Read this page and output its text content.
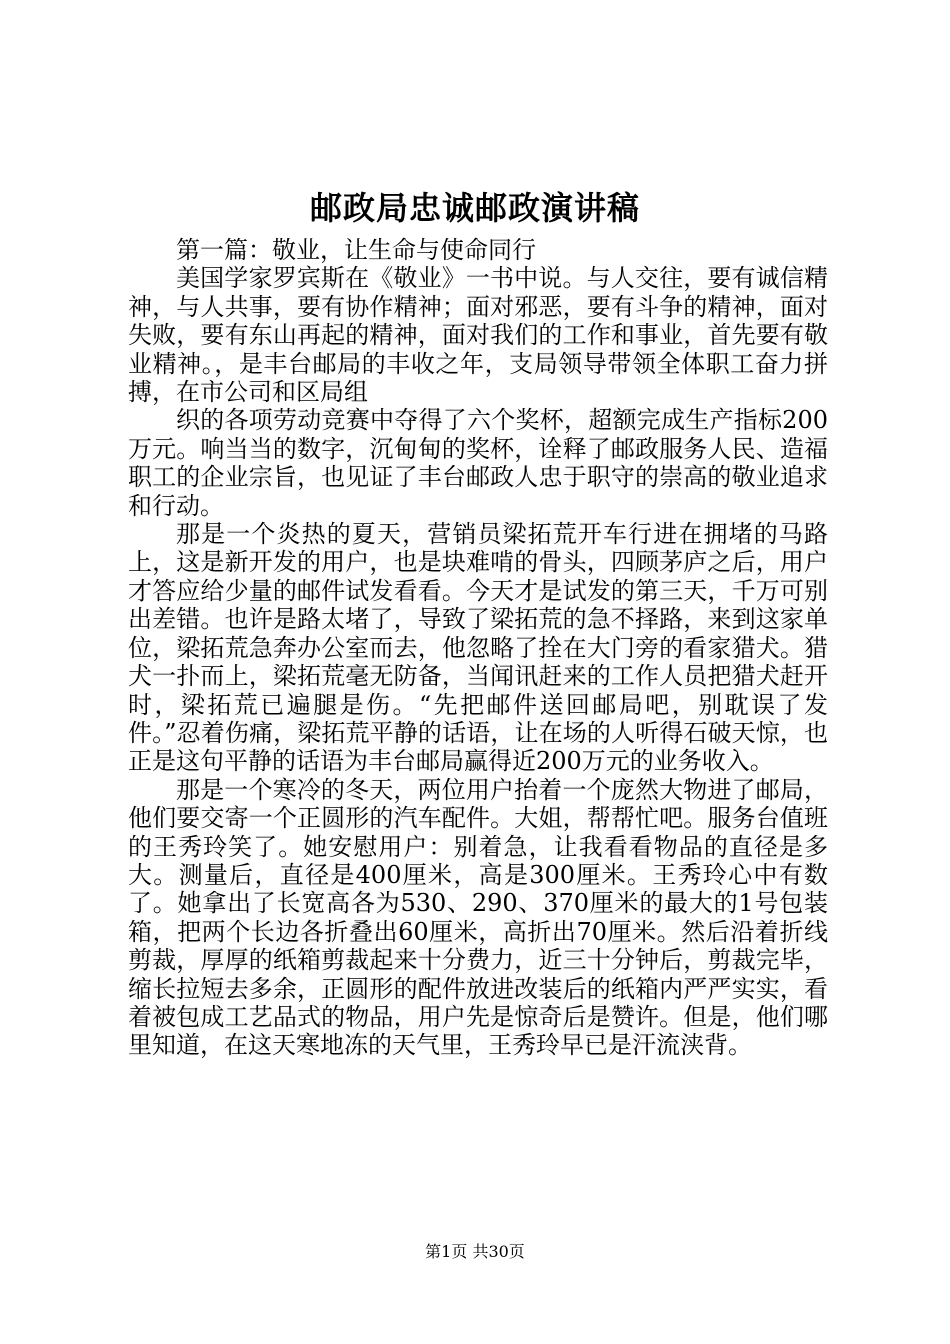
邮政局忠诚邮政演讲稿

第一篇：敬业，让生命与使命同行

美国学家罗宾斯在《敬业》一书中说。与人交往，要有诚信精神，与人共事，要有协作精神；面对邪恶，要有斗争的精神，面对失败，要有东山再起的精神，面对我们的工作和事业，首先要有敬业精神。，是丰台邮局的丰收之年，支局领导带领全体职工奋力拼搏，在市公司和区局组

织的各项劳动竞赛中夺得了六个奖杯，超额完成生产指标200万元。响当当的数字，沉甸甸的奖杯，诠释了邮政服务人民、造福职工的企业宗旨，也见证了丰台邮政人忠于职守的崇高的敬业追求和行动。

那是一个炎热的夏天，营销员梁拓荒开车行进在拥堵的马路上，这是新开发的用户，也是块难啃的骨头，四顾茅庐之后，用户才答应给少量的邮件试发看看。今天才是试发的第三天，千万可别出差错。也许是路太堵了，导致了梁拓荒的急不择路，来到这家单位，梁拓荒急奔办公室而去，他忽略了拴在大门旁的看家猎犬。猎犬一扑而上，梁拓荒毫无防备，当闻讯赶来的工作人员把猎犬赶开时，梁拓荒已遍腿是伤。“先把邮件送回邮局吧，别耽误了发件。”忍着伤痛，梁拓荒平静的话语，让在场的人听得石破天惊，也正是这句平静的话语为丰台邮局赢得近200万元的业务收入。

那是一个寒冷的冬天，两位用户抬着一个庞然大物进了邮局，他们要交寄一个正圆形的汽车配件。大姐，帮帮忙吧。服务台值班的王秀玲笑了。她安慰用户：别着急，让我看看物品的直径是多大。测量后，直径是400厘米，高是300厘米。王秀玲心中有数了。她拿出了长宽高各为530、290、370厘米的最大的1号包装箱，把两个长边各折叠出60厘米，高折出70厘米。然后沿着折线剪裁，厚厚的纸箱剪裁起来十分费力，近三十分钟后，剪裁完毕，缩长拉短去多余，正圆形的配件放进改装后的纸箱内严严实实，看着被包成工艺品式的物品，用户先是惊奇后是赞许。但是，他们哪里知道，在这天寒地冻的天气里，王秀玲早已是汗流浃背。

第1页 共30页
